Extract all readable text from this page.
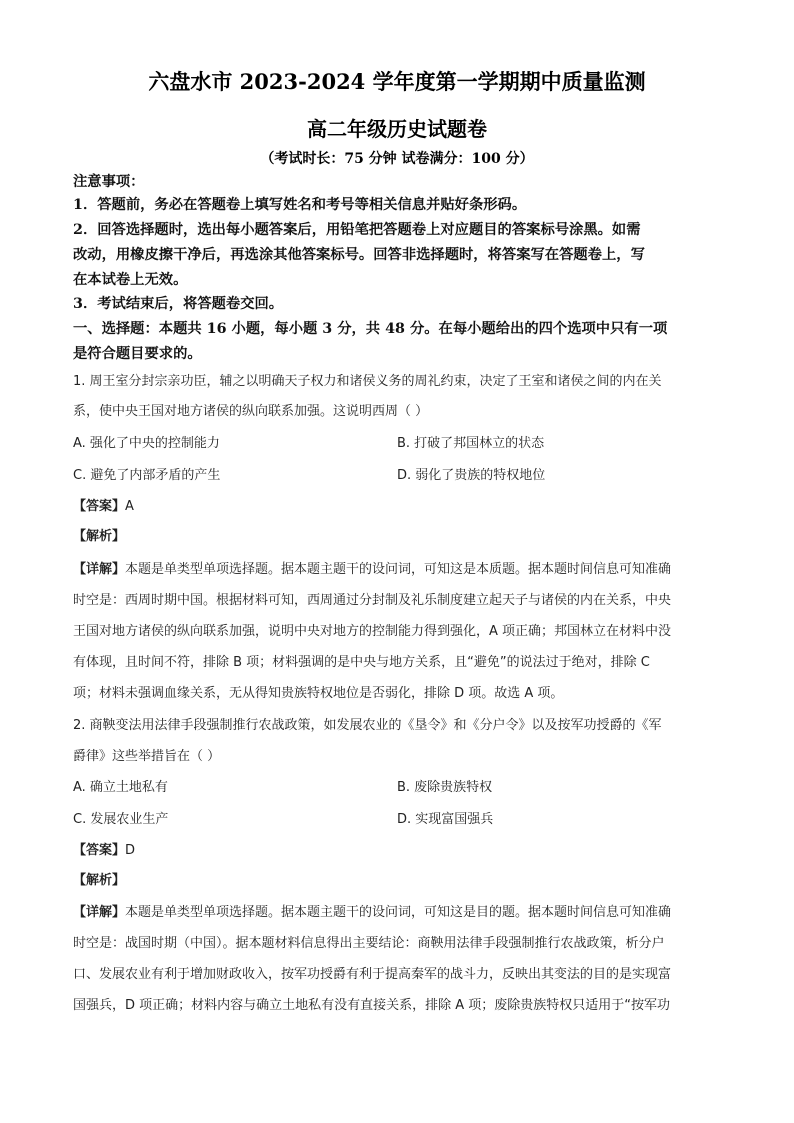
六盘水市 2023-2024 学年度第一学期期中质量监测
高二年级历史试题卷
（考试时长：75 分钟 试卷满分：100 分）
注意事项：
1．答题前，务必在答题卷上填写姓名和考号等相关信息并贴好条形码。
2．回答选择题时，选出每小题答案后，用铅笔把答题卷上对应题目的答案标号涂黑。如需
改动，用橡皮擦干净后，再选涂其他答案标号。回答非选择题时，将答案写在答题卷上，写
在本试卷上无效。
3．考试结束后，将答题卷交回。
一、选择题：本题共 16 小题，每小题 3 分，共 48 分。在每小题给出的四个选项中只有一项
是符合题目要求的。
1. 周王室分封宗亲功臣，辅之以明确天子权力和诸侯义务的周礼约束，决定了王室和诸侯之间的内在关
系，使中央王国对地方诸侯的纵向联系加强。这说明西周（ ）
A. 强化了中央的控制能力	B. 打破了邦国林立的状态
C. 避免了内部矛盾的产生	D. 弱化了贵族的特权地位
【答案】A
【解析】
【详解】本题是单类型单项选择题。据本题主题干的设问词，可知这是本质题。据本题时间信息可知准确
时空是：西周时期中国。根据材料可知，西周通过分封制及礼乐制度建立起天子与诸侯的内在关系，中央
王国对地方诸侯的纵向联系加强，说明中央对地方的控制能力得到强化，A 项正确；邦国林立在材料中没
有体现，且时间不符，排除 B 项；材料强调的是中央与地方关系，且“避免”的说法过于绝对，排除 C
项；材料未强调血缘关系，无从得知贵族特权地位是否弱化，排除 D 项。故选 A 项。
2. 商鞅变法用法律手段强制推行农战政策，如发展农业的《垦令》和《分户令》以及按军功授爵的《军
爵律》这些举措旨在（ ）
A. 确立土地私有	B. 废除贵族特权
C. 发展农业生产	D. 实现富国强兵
【答案】D
【解析】
【详解】本题是单类型单项选择题。据本题主题干的设问词，可知这是目的题。据本题时间信息可知准确
时空是：战国时期（中国）。据本题材料信息得出主要结论：商鞅用法律手段强制推行农战政策，析分户
口、发展农业有利于增加财政收入，按军功授爵有利于提高秦军的战斗力，反映出其变法的目的是实现富
国强兵，D 项正确；材料内容与确立土地私有没有直接关系，排除 A 项；废除贵族特权只适用于“按军功
